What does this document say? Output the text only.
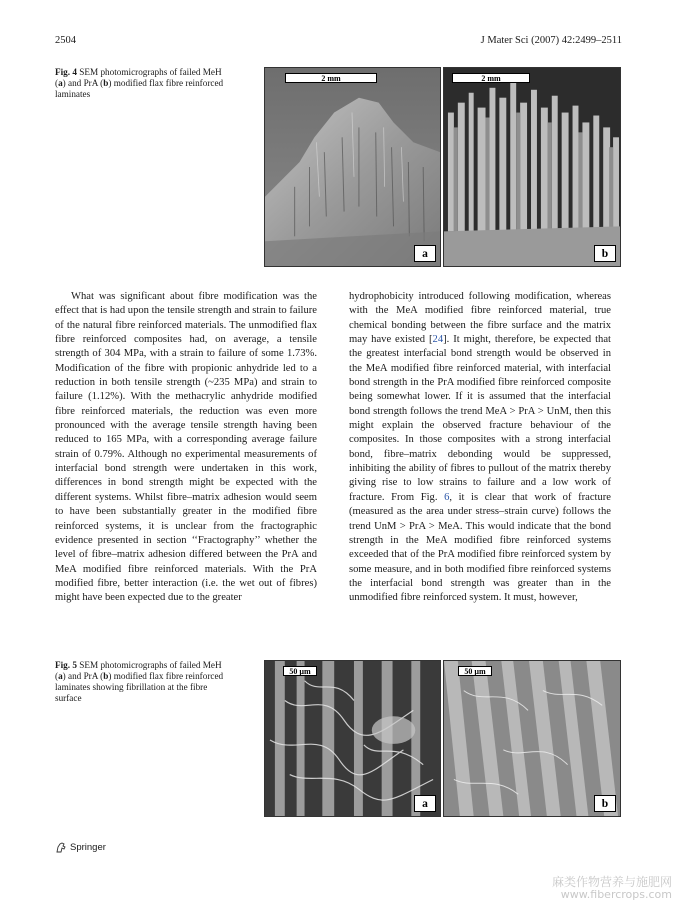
2504	J Mater Sci (2007) 42:2499–2511
Fig. 4 SEM photomicrographs of failed MeH (a) and PrA (b) modified flax fibre reinforced laminates
2 mm
a
2 mm
b

What was significant about fibre modification was the effect that is had upon the tensile strength and strain to failure of the natural fibre reinforced materials. The unmodified flax fibre reinforced composites had, on average, a tensile strength of 304 MPa, with a strain to failure of some 1.73%. Modification of the fibre with propionic anhydride led to a reduction in both tensile strength (~235 MPa) and strain to failure (1.12%). With the methacrylic anhydride modified fibre reinforced materials, the reduction was even more pronounced with the average tensile strength having been reduced to 165 MPa, with a corresponding average failure strain of 0.79%. Although no experimental measurements of interfacial bond strength were undertaken in this work, differences in bond strength might be expected with the different systems. Whilst fibre–matrix adhesion would seem to have been substantially greater in the modified fibre reinforced systems, it is unclear from the fractographic evidence presented in section ‘‘Fractography’’ whether the level of fibre–matrix adhesion differed between the PrA and MeA modified fibre reinforced materials. With the PrA modified fibre, better interaction (i.e. the wet out of fibres) might have been expected due to the greater

hydrophobicity introduced following modification, whereas with the MeA modified fibre reinforced material, true chemical bonding between the fibre surface and the matrix may have existed [24]. It might, therefore, be expected that the greatest interfacial bond strength would be observed in the MeA modified fibre reinforced material, with interfacial bond strength in the PrA modified fibre reinforced composite being somewhat lower. If it is assumed that the interfacial bond strength follows the trend MeA > PrA > UnM, then this might explain the observed fracture behaviour of the composites. In those composites with a strong interfacial bond, fibre–matrix debonding would be suppressed, inhibiting the ability of fibres to pullout of the matrix thereby giving rise to low strains to failure and a low work of fracture. From Fig. 6, it is clear that work of fracture (measured as the area under stress–strain curve) follows the trend UnM > PrA > MeA. This would indicate that the bond strength in the MeA modified fibre reinforced systems exceeded that of the PrA modified fibre reinforced system by some measure, and in both modified fibre reinforced systems the interfacial bond strength was greater than in the unmodified fibre reinforced system. It must, however,

Fig. 5 SEM photomicrographs of failed MeH (a) and PrA (b) modified flax fibre reinforced laminates showing fibrillation at the fibre surface
50 µm
a
50 µm
b
Springer
麻类作物营养与施肥网
www.fibercrops.com
